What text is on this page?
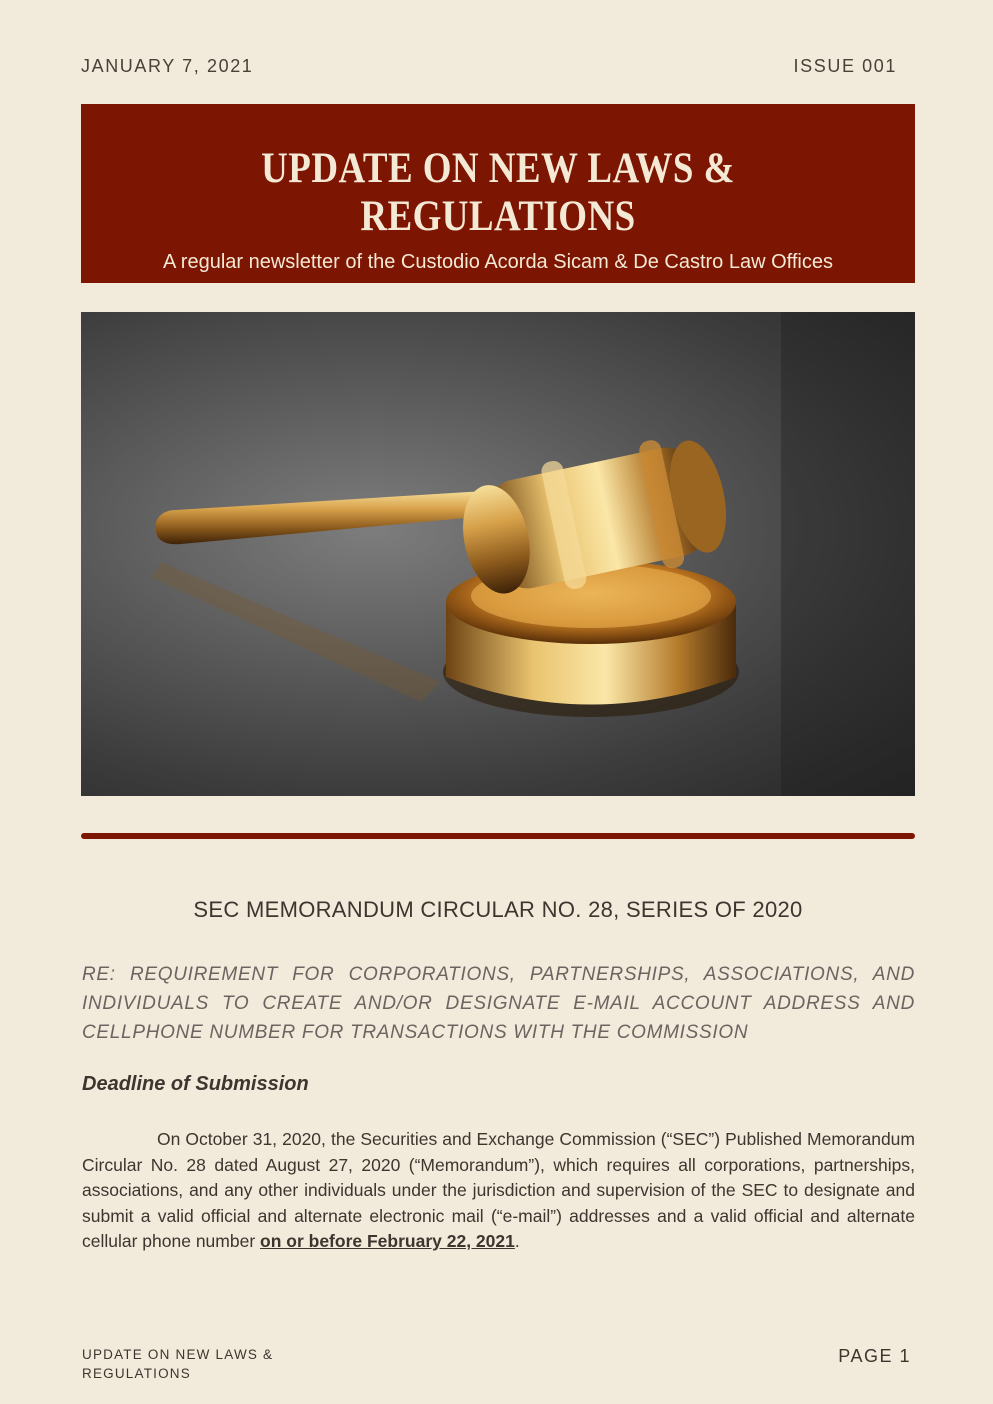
JANUARY 7, 2021	ISSUE 001
UPDATE ON NEW LAWS & REGULATIONS
A regular newsletter of the Custodio Acorda Sicam & De Castro Law Offices
SEC MEMORANDUM CIRCULAR NO. 28, SERIES OF 2020
RE: REQUIREMENT FOR CORPORATIONS, PARTNERSHIPS, ASSOCIATIONS, AND INDIVIDUALS TO CREATE AND/OR DESIGNATE E-MAIL ACCOUNT ADDRESS AND CELLPHONE NUMBER FOR TRANSACTIONS WITH THE COMMISSION
Deadline of Submission
On October 31, 2020, the Securities and Exchange Commission (“SEC”) Published Memorandum Circular No. 28 dated August 27, 2020 (“Memorandum”), which requires all corporations, partnerships, associations, and any other individuals under the jurisdiction and supervision of the SEC to designate and submit a valid official and alternate electronic mail (“e-mail”) addresses and a valid official and alternate cellular phone number on or before February 22, 2021.
UPDATE ON NEW LAWS & REGULATIONS
PAGE 1
